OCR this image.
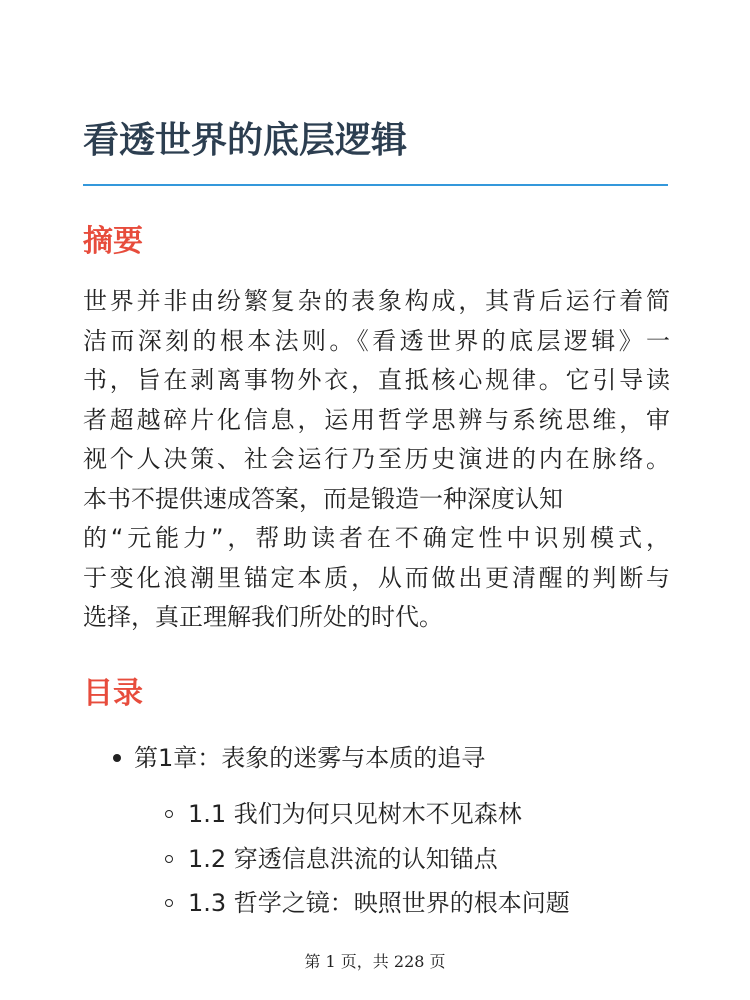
看透世界的底层逻辑
摘要

世界并非由纷繁复杂的表象构成，其背后运行着简
洁而深刻的根本法则。《看透世界的底层逻辑》一
书，旨在剥离事物外衣，直抵核心规律。它引导读
者超越碎片化信息，运用哲学思辨与系统思维，审
视个人决策、社会运行乃至历史演进的内在脉络。
本书不提供速成答案，而是锻造一种深度认知
的“元能力”，帮助读者在不确定性中识别模式，
于变化浪潮里锚定本质，从而做出更清醒的判断与
选择，真正理解我们所处的时代。

目录
第1章：表象的迷雾与本质的追寻
1.1 我们为何只见树木不见森林
1.2 穿透信息洪流的认知锚点
1.3 哲学之镜：映照世界的根本问题
第 1 页，共 228 页
